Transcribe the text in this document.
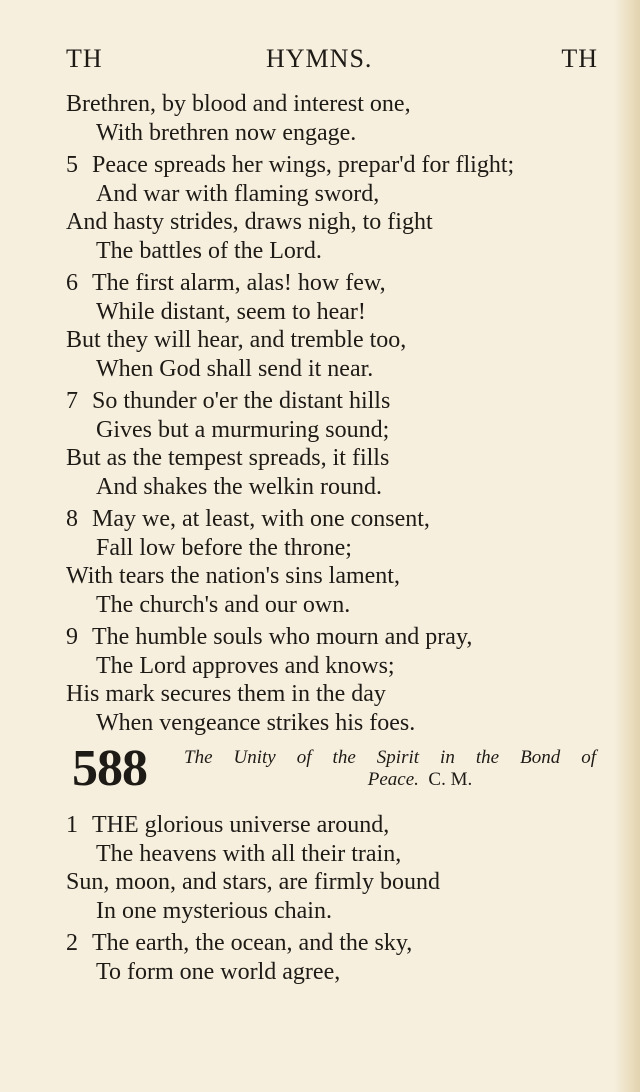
TH	HYMNS.	TH
Brethren, by blood and interest one,
With brethren now engage.
5 Peace spreads her wings, prepar'd for flight;
And war with flaming sword,
And hasty strides, draws nigh, to fight
The battles of the Lord.
6 The first alarm, alas! how few,
While distant, seem to hear!
But they will hear, and tremble too,
When God shall send it near.
7 So thunder o'er the distant hills
Gives but a murmuring sound;
But as the tempest spreads, it fills
And shakes the welkin round.
8 May we, at least, with one consent,
Fall low before the throne;
With tears the nation's sins lament,
The church's and our own.
9 The humble souls who mourn and pray,
The Lord approves and knows;
His mark secures them in the day
When vengeance strikes his foes.
588 The Unity of the Spirit in the Bond of
Peace. C. M.
1 THE glorious universe around,
The heavens with all their train,
Sun, moon, and stars, are firmly bound
In one mysterious chain.
2 The earth, the ocean, and the sky,
To form one world agree,
